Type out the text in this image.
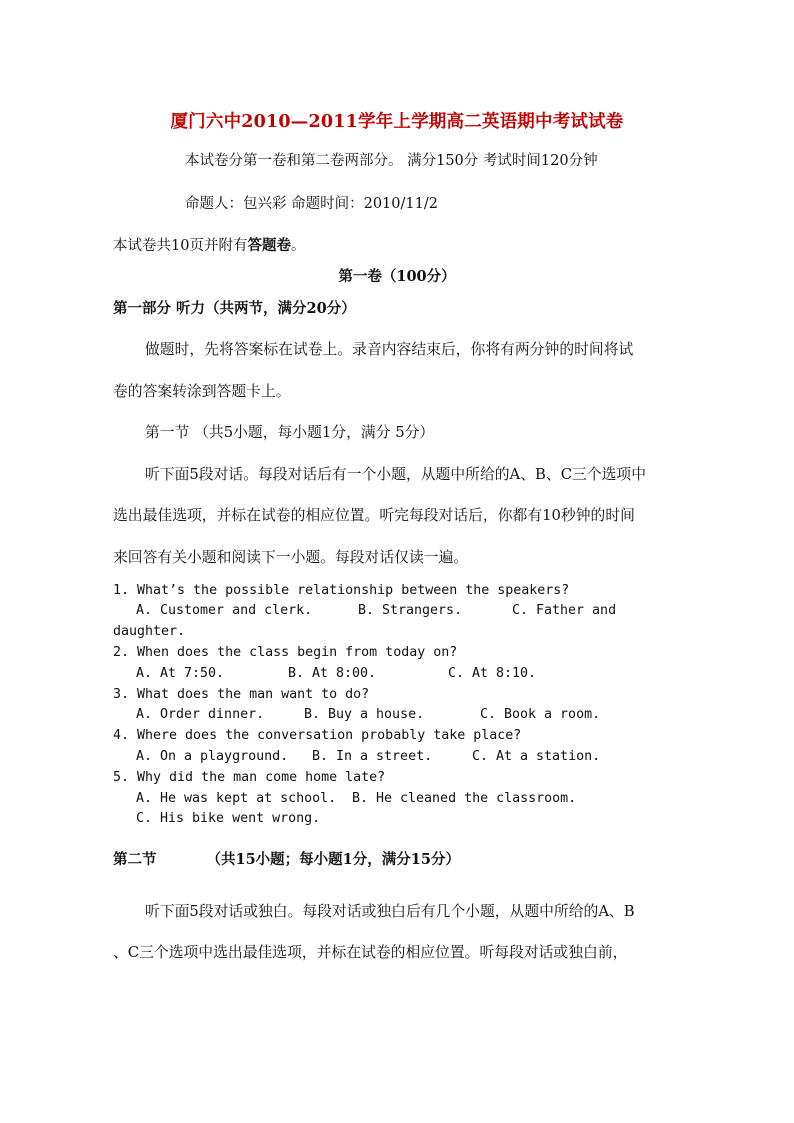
厦门六中2010—2011学年上学期高二英语期中考试试卷
本试卷分第一卷和第二卷两部分。 满分150分 考试时间120分钟
命题人：包兴彩 命题时间：2010/11/2
本试卷共10页并附有答题卷。
第一卷（100分）
第一部分 听力（共两节，满分20分）
做题时，先将答案标在试卷上。录音内容结束后，你将有两分钟的时间将试
卷的答案转涂到答题卡上。
第一节 （共5小题，每小题1分，满分 5分）
听下面5段对话。每段对话后有一个小题，从题中所给的A、B、C三个选项中
选出最佳选项，并标在试卷的相应位置。听完每段对话后，你都有10秒钟的时间
来回答有关小题和阅读下一小题。每段对话仅读一遍。
1. What’s the possible relationship between the speakers?
A. Customer and clerk.	B. Strangers.	C. Father and
daughter.
2. When does the class begin from today on?
A. At 7:50.	B. At 8:00.	C. At 8:10.
3. What does the man want to do?
A. Order dinner.	B. Buy a house.	C. Book a room.
4. Where does the conversation probably take place?
A. On a playground. B. In a street.	C. At a station.
5. Why did the man come home late?
A. He was kept at school. B. He cleaned the classroom.
C. His bike went wrong.
第二节	（共15小题；每小题1分，满分15分）
听下面5段对话或独白。每段对话或独白后有几个小题，从题中所给的A、B
、C三个选项中选出最佳选项，并标在试卷的相应位置。听每段对话或独白前，
